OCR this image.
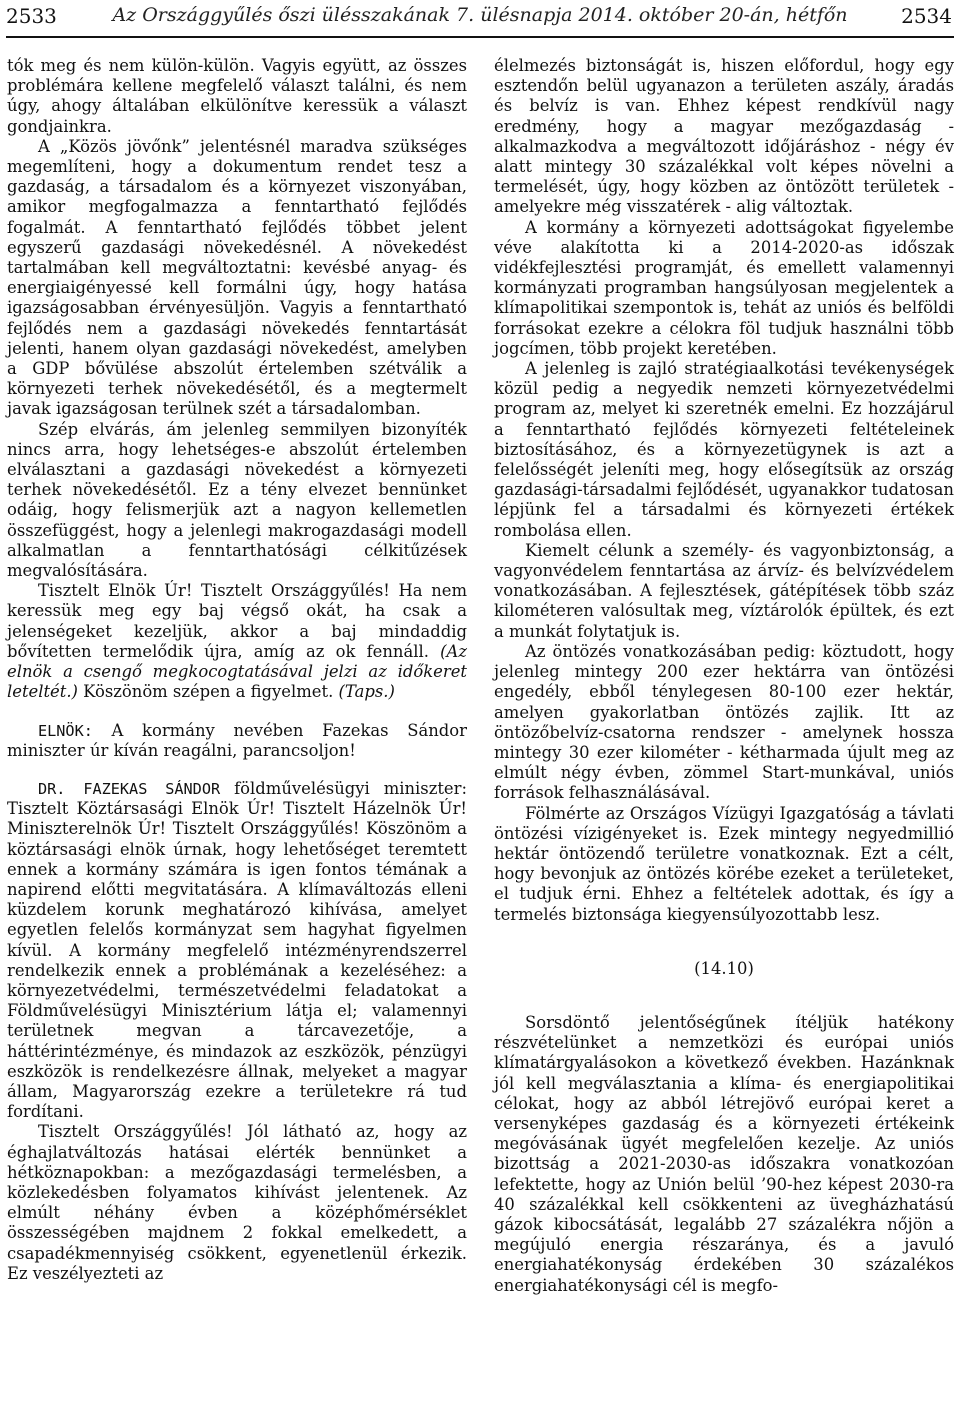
2533	Az Országgyűlés őszi ülésszakának 7. ülésnapja 2014. október 20-án, hétfőn	2534

tók meg és nem külön-külön. Vagyis együtt, az összes problémára kellene megfelelő választ találni, és nem úgy, ahogy általában elkülönítve keressük a választ gondjainkra.

A „Közös jövőnk” jelentésnél maradva szükséges megemlíteni, hogy a dokumentum rendet tesz a gazdaság, a társadalom és a környezet viszonyában, amikor megfogalmazza a fenntartható fejlődés fogalmát. A fenntartható fejlődés többet jelent egyszerű gazdasági növekedésnél. A növekedést tartalmában kell megváltoztatni: kevésbé anyag- és energiaigényessé kell formálni úgy, hogy hatása igazságosabban érvényesüljön. Vagyis a fenntartható fejlődés nem a gazdasági növekedés fenntartását jelenti, hanem olyan gazdasági növekedést, amelyben a GDP bővülése abszolút értelemben szétválik a környezeti terhek növekedésétől, és a megtermelt javak igazságosan terülnek szét a társadalomban.

Szép elvárás, ám jelenleg semmilyen bizonyíték nincs arra, hogy lehetséges-e abszolút értelemben elválasztani a gazdasági növekedést a környezeti terhek növekedésétől. Ez a tény elvezet bennünket odáig, hogy felismerjük azt a nagyon kellemetlen összefüggést, hogy a jelenlegi makrogazdasági modell alkalmatlan a fenntarthatósági célkitűzések megvalósítására.

Tisztelt Elnök Úr! Tisztelt Országgyűlés! Ha nem keressük meg egy baj végső okát, ha csak a jelenségeket kezeljük, akkor a baj mindaddig bővítetten termelődik újra, amíg az ok fennáll. (Az elnök a csengő megkocogtatásával jelzi az időkeret leteltét.) Köszönöm szépen a figyelmet. (Taps.)

ELNÖK: A kormány nevében Fazekas Sándor miniszter úr kíván reagálni, parancsoljon!

DR. FAZEKAS SÁNDOR földművelésügyi miniszter: Tisztelt Köztársasági Elnök Úr! Tisztelt Házelnök Úr! Miniszterelnök Úr! Tisztelt Országgyűlés! Köszönöm a köztársasági elnök úrnak, hogy lehetőséget teremtett ennek a kormány számára is igen fontos témának a napirend előtti megvitatására. A klímaváltozás elleni küzdelem korunk meghatározó kihívása, amelyet egyetlen felelős kormányzat sem hagyhat figyelmen kívül. A kormány megfelelő intézményrendszerrel rendelkezik ennek a problémának a kezeléséhez: a környezetvédelmi, természetvédelmi feladatokat a Földművelésügyi Minisztérium látja el; valamennyi területnek megvan a tárcavezetője, a háttérintézménye, és mindazok az eszközök, pénzügyi eszközök is rendelkezésre állnak, melyeket a magyar állam, Magyarország ezekre a területekre rá tud fordítani.

Tisztelt Országgyűlés! Jól látható az, hogy az éghajlatváltozás hatásai elérték bennünket a hétköznapokban: a mezőgazdasági termelésben, a közlekedésben folyamatos kihívást jelentenek. Az elmúlt néhány évben a középhőmérséklet összességében majdnem 2 fokkal emelkedett, a csapadékmennyiség csökkent, egyenetlenül érkezik. Ez veszélyezteti az

élelmezés biztonságát is, hiszen előfordul, hogy egy esztendőn belül ugyanazon a területen aszály, áradás és belvíz is van. Ehhez képest rendkívül nagy eredmény, hogy a magyar mezőgazdaság - alkalmazkodva a megváltozott időjáráshoz - négy év alatt mintegy 30 százalékkal volt képes növelni a termelését, úgy, hogy közben az öntözött területek - amelyekre még visszatérek - alig változtak.

A kormány a környezeti adottságokat figyelembe véve alakította ki a 2014-2020-as időszak vidékfejlesztési programját, és emellett valamennyi kormányzati programban hangsúlyosan megjelentek a klímapolitikai szempontok is, tehát az uniós és belföldi forrásokat ezekre a célokra föl tudjuk használni több jogcímen, több projekt keretében.

A jelenleg is zajló stratégiaalkotási tevékenységek közül pedig a negyedik nemzeti környezetvédelmi program az, melyet ki szeretnék emelni. Ez hozzájárul a fenntartható fejlődés környezeti feltételeinek biztosításához, és a környezetügynek is azt a felelősségét jeleníti meg, hogy elősegítsük az ország gazdasági-társadalmi fejlődését, ugyanakkor tudatosan lépjünk fel a társadalmi és környezeti értékek rombolása ellen.

Kiemelt célunk a személy- és vagyonbiztonság, a vagyonvédelem fenntartása az árvíz- és belvízvédelem vonatkozásában. A fejlesztések, gátépítések több száz kilométeren valósultak meg, víztárolók épültek, és ezt a munkát folytatjuk is.

Az öntözés vonatkozásában pedig: köztudott, hogy jelenleg mintegy 200 ezer hektárra van öntözési engedély, ebből ténylegesen 80-100 ezer hektár, amelyen gyakorlatban öntözés zajlik. Itt az öntözőbelvíz-csatorna rendszer - amelynek hossza mintegy 30 ezer kilométer - kétharmada újult meg az elmúlt négy évben, zömmel Start-munkával, uniós források felhasználásával.

Fölmérte az Országos Vízügyi Igazgatóság a távlati öntözési vízigényeket is. Ezek mintegy negyedmillió hektár öntözendő területre vonatkoznak. Ezt a célt, hogy bevonjuk az öntözés körébe ezeket a területeket, el tudjuk érni. Ehhez a feltételek adottak, és így a termelés biztonsága kiegyensúlyozottabb lesz.

(14.10)

Sorsdöntő jelentőségűnek ítéljük hatékony részvételünket a nemzetközi és európai uniós klímatárgyalásokon a következő években. Hazánknak jól kell megválasztania a klíma- és energiapolitikai célokat, hogy az abból létrejövő európai keret a versenyképes gazdaság és a környezeti értékeink megóvásának ügyét megfelelően kezelje. Az uniós bizottság a 2021-2030-as időszakra vonatkozóan lefektette, hogy az Unión belül ’90-hez képest 2030-ra 40 százalékkal kell csökkenteni az üvegházhatású gázok kibocsátását, legalább 27 százalékra nőjön a megújuló energia részaránya, és a javuló energiahatékonyság érdekében 30 százalékos energiahatékonysági cél is megfo-
